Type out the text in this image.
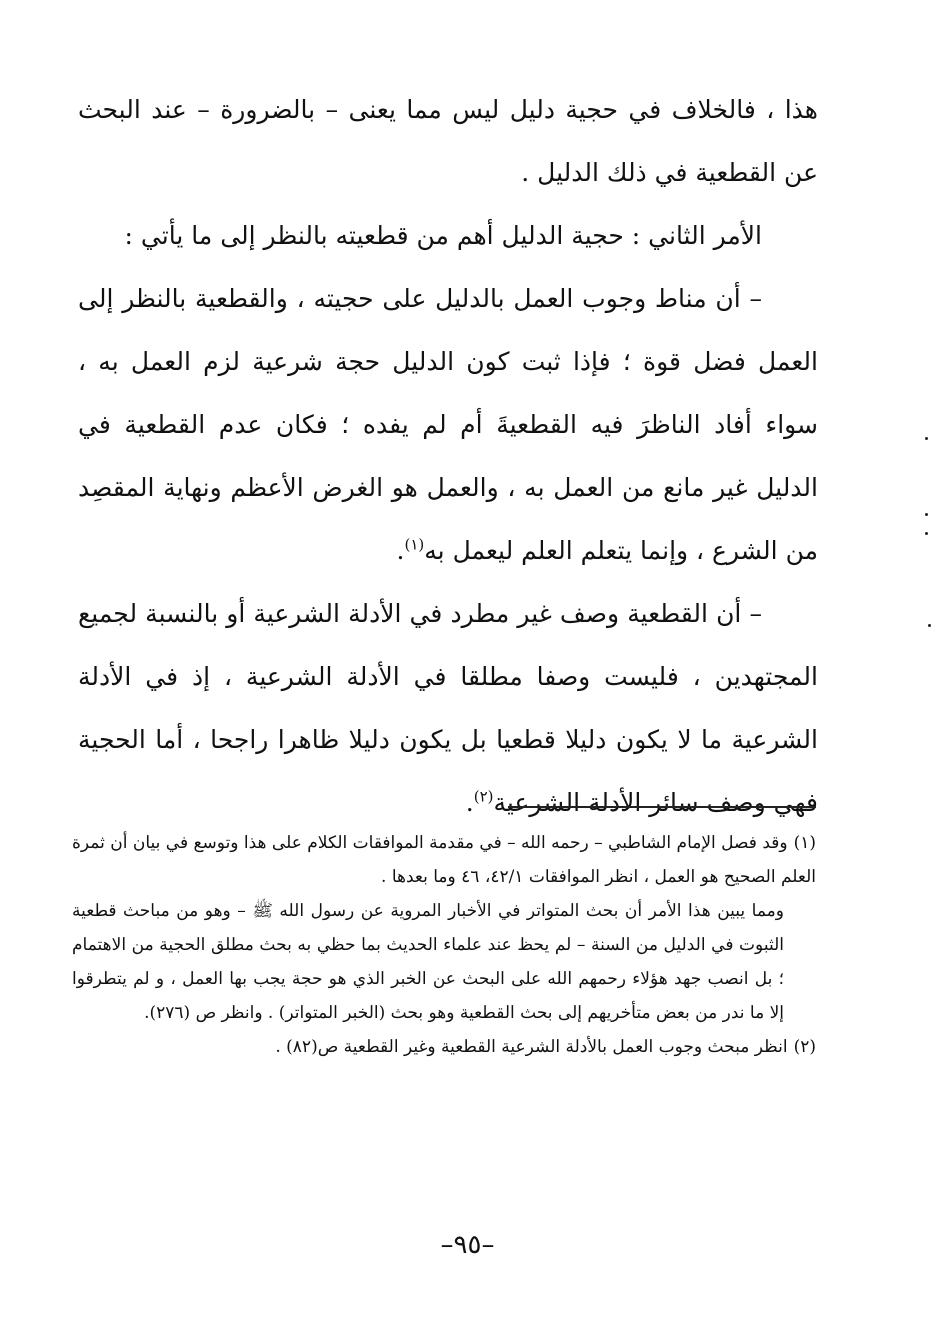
هذا ، فالخلاف في حجية دليل ليس مما يعنى – بالضرورة – عند البحث عن القطعية في ذلك الدليل .

الأمر الثاني : حجية الدليل أهم من قطعيته بالنظر إلى ما يأتي :

– أن مناط وجوب العمل بالدليل على حجيته ، والقطعية بالنظر إلى العمل فضل قوة ؛ فإذا ثبت كون الدليل حجة شرعية لزم العمل به ، سواء أفاد الناظرَ فيه القطعيةَ أم لم يفده ؛ فكان عدم القطعية في الدليل غير مانع من العمل به ، والعمل هو الغرض الأعظم ونهاية المقصِد من الشرع ، وإنما يتعلم العلم ليعمل به$^{(١)}$.

– أن القطعية وصف غير مطرد في الأدلة الشرعية أو بالنسبة لجميع المجتهدين ، فليست وصفا مطلقا في الأدلة الشرعية ، إذ في الأدلة الشرعية ما لا يكون دليلا قطعيا بل يكون دليلا ظاهرا راجحا ، أما الحجية فهي وصف سائر الأدلة الشرعية$^{(٢)}$.

(١)وقد فصل الإمام الشاطبي – رحمه الله – في مقدمة الموافقات الكلام على هذا وتوسع في بيان أن ثمرة العلم الصحيح هو العمل ، انظر الموافقات ٤٢/١، ٤٦ وما بعدها .

ومما يبين هذا الأمر أن بحث المتواتر في الأخبار المروية عن رسول الله ﷺ – وهو من مباحث قطعية الثبوت في الدليل من السنة – لم يحظ عند علماء الحديث بما حظي به بحث مطلق الحجية من الاهتمام ؛ بل انصب جهد هؤلاء رحمهم الله على البحث عن الخبر الذي هو حجة يجب بها العمل ، و لم يتطرقوا إلا ما ندر من بعض متأخريهم إلى بحث القطعية وهو بحث (الخبر المتواتر) . وانظر ص (٢٧٦).

(٢)انظر مبحث وجوب العمل بالأدلة الشرعية القطعية وغير القطعية ص(٨٢) .

–٩٥–
